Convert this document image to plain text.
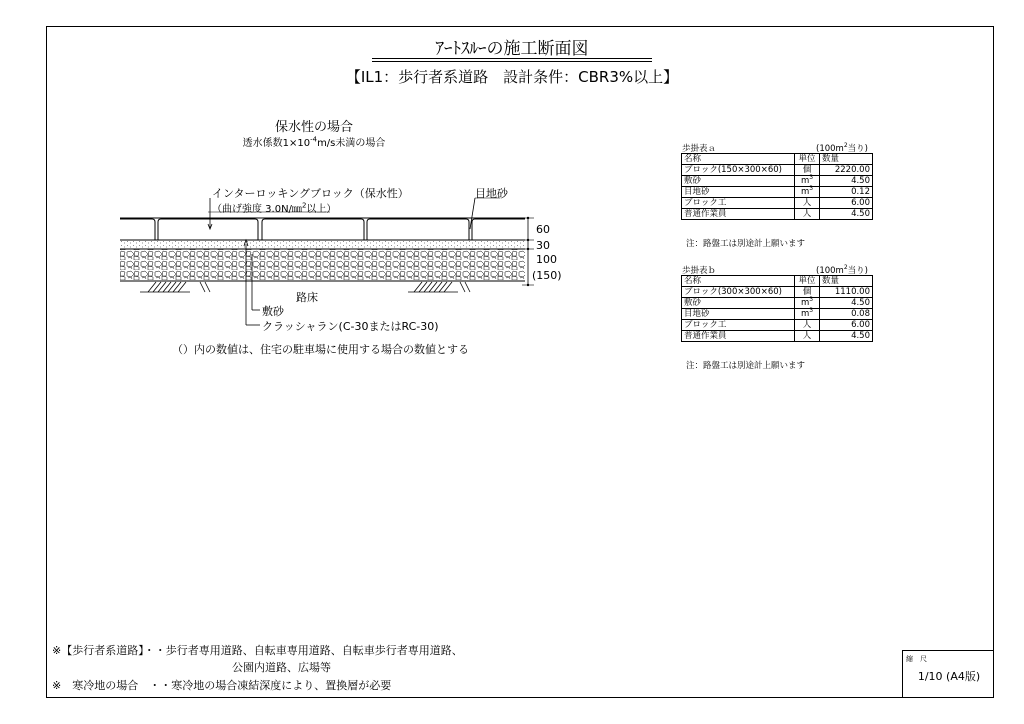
ｱｰﾄｽﾙｰの施工断面図
【IL1：歩行者系道路　設計条件：CBR3%以上】
保水性の場合
透水係数$1\times 10^{-4}m/s$未満の場合
インターロッキングブロック（保水性）
（曲げ強度 3.0N/㎜$^2$以上）
目地砂
60
30
100
(150)
路床
敷砂
クラッシャラン(C-30またはRC-30)
（）内の数値は、住宅の駐車場に使用する場合の数値とする
歩掛表ａ	($100m^2$当り)
名称	単位	数量
ブロック(150×300×60)	個	2220.00
敷砂	$m^3$	4.50
目地砂	$m^3$	0.12
ブロック工	人	6.00
普通作業員	人	4.50
注：路盤工は別途計上願います
歩掛表ｂ	($100m^2$当り)
名称	単位	数量
ブロック(300×300×60)	個	1110.00
敷砂	$m^3$	4.50
目地砂	$m^3$	0.08
ブロック工	人	6.00
普通作業員	人	4.50
注：路盤工は別途計上願います
※【歩行者系道路】・・歩行者専用道路、自転車専用道路、自転車歩行者専用道路、
公園内道路、広場等
※　寒冷地の場合　・・寒冷地の場合凍結深度により、置換層が必要
縮　尺
1/10 (A4版)
